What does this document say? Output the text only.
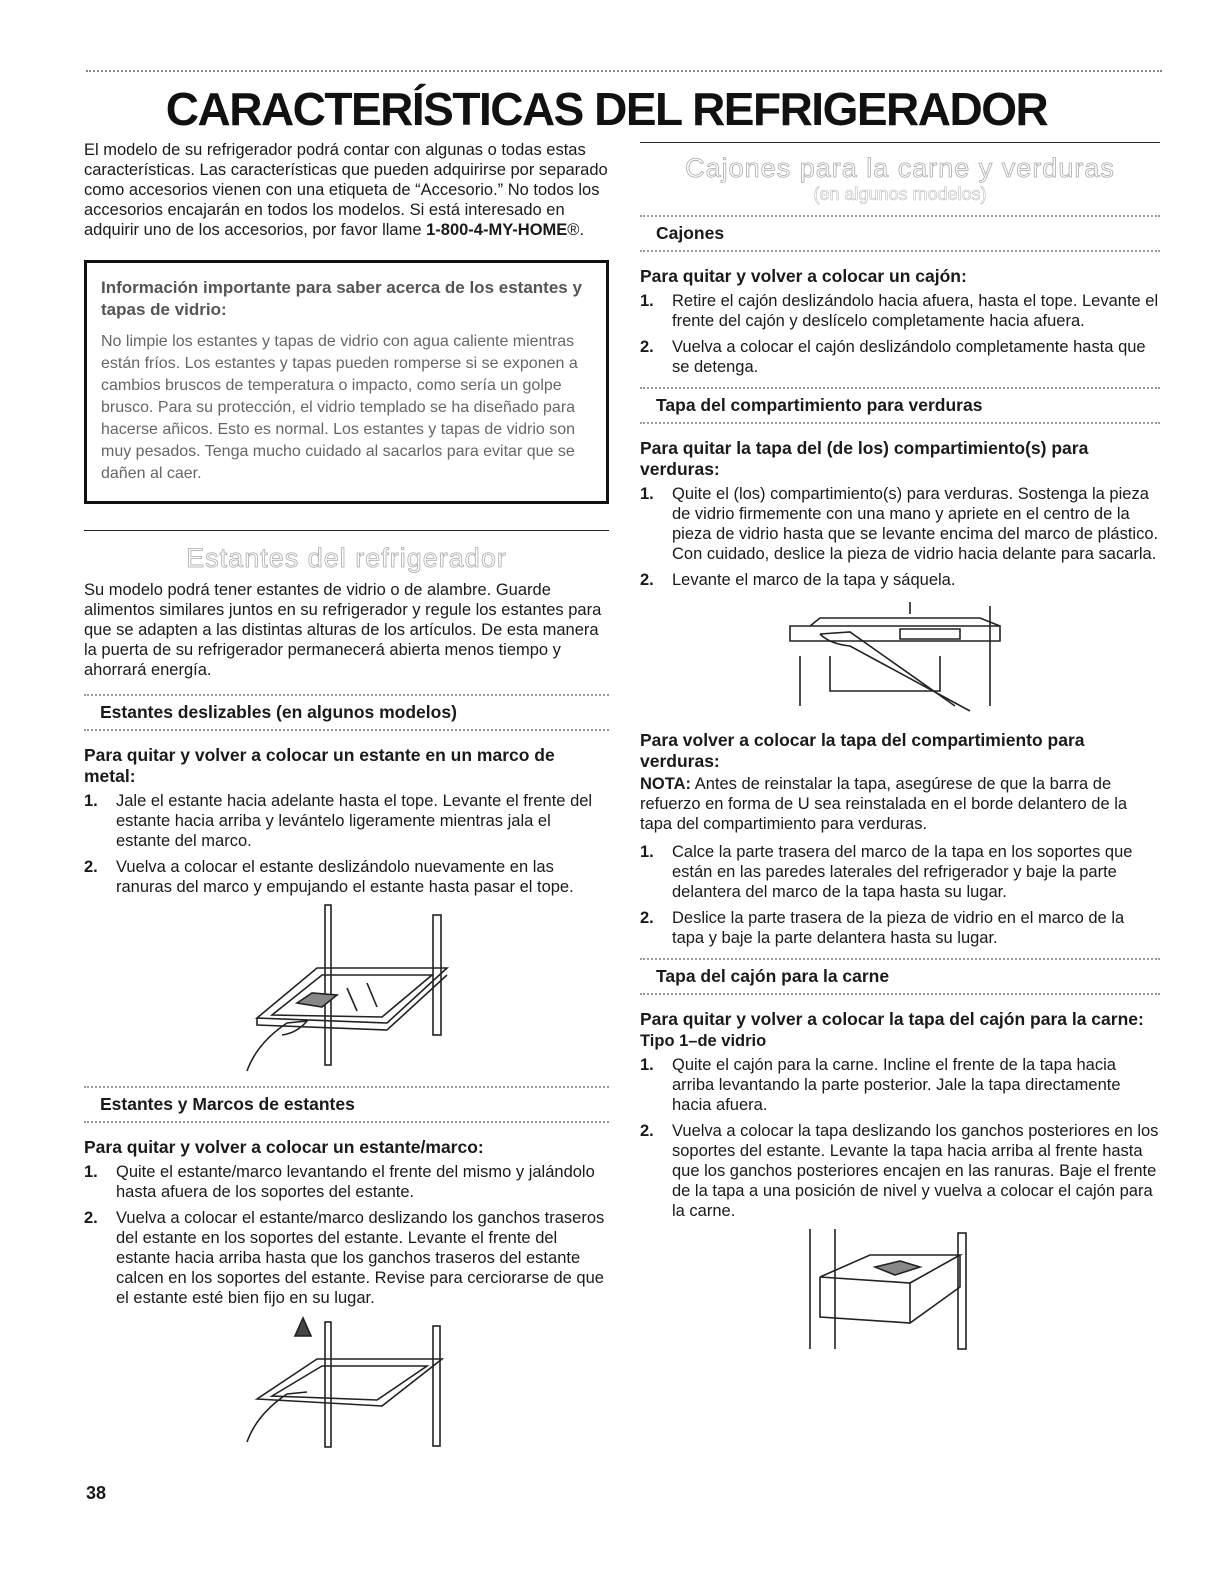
CARACTERÍSTICAS DEL REFRIGERADOR

El modelo de su refrigerador podrá contar con algunas o todas estas características. Las características que pueden adquirirse por separado como accesorios vienen con una etiqueta de “Accesorio.” No todos los accesorios encajarán en todos los modelos. Si está interesado en adquirir uno de los accesorios, por favor llame 1-800-4-MY-HOME®.

Información importante para saber acerca de los estantes y tapas de vidrio:
No limpie los estantes y tapas de vidrio con agua caliente mientras están fríos. Los estantes y tapas pueden romperse si se exponen a cambios bruscos de temperatura o impacto, como sería un golpe brusco. Para su protección, el vidrio templado se ha diseñado para hacerse añicos. Esto es normal. Los estantes y tapas de vidrio son muy pesados. Tenga mucho cuidado al sacarlos para evitar que se dañen al caer.
Estantes del refrigerador

Su modelo podrá tener estantes de vidrio o de alambre. Guarde alimentos similares juntos en su refrigerador y regule los estantes para que se adapten a las distintas alturas de los artículos. De esta manera la puerta de su refrigerador permanecerá abierta menos tiempo y ahorrará energía.

Estantes deslizables (en algunos modelos)
Para quitar y volver a colocar un estante en un marco de metal:
1. Jale el estante hacia adelante hasta el tope. Levante el frente del estante hacia arriba y levántelo ligeramente mientras jala el estante del marco.
2. Vuelva a colocar el estante deslizándolo nuevamente en las ranuras del marco y empujando el estante hasta pasar el tope.
Estantes y Marcos de estantes
Para quitar y volver a colocar un estante/marco:
1. Quite el estante/marco levantando el frente del mismo y jalándolo hasta afuera de los soportes del estante.
2. Vuelva a colocar el estante/marco deslizando los ganchos traseros del estante en los soportes del estante. Levante el frente del estante hacia arriba hasta que los ganchos traseros del estante calcen en los soportes del estante. Revise para cerciorarse de que el estante esté bien fijo en su lugar.
Cajones para la carne y verduras
(en algunos modelos)
Cajones
Para quitar y volver a colocar un cajón:
1. Retire el cajón deslizándolo hacia afuera, hasta el tope. Levante el frente del cajón y deslícelo completamente hacia afuera.
2. Vuelva a colocar el cajón deslizándolo completamente hasta que se detenga.
Tapa del compartimiento para verduras
Para quitar la tapa del (de los) compartimiento(s) para verduras:
1. Quite el (los) compartimiento(s) para verduras. Sostenga la pieza de vidrio firmemente con una mano y apriete en el centro de la pieza de vidrio hasta que se levante encima del marco de plástico. Con cuidado, deslice la pieza de vidrio hacia delante para sacarla.
2. Levante el marco de la tapa y sáquela.
Para volver a colocar la tapa del compartimiento para verduras:

NOTA: Antes de reinstalar la tapa, asegúrese de que la barra de refuerzo en forma de U sea reinstalada en el borde delantero de la tapa del compartimiento para verduras.

1. Calce la parte trasera del marco de la tapa en los soportes que están en las paredes laterales del refrigerador y baje la parte delantera del marco de la tapa hasta su lugar.
2. Deslice la parte trasera de la pieza de vidrio en el marco de la tapa y baje la parte delantera hasta su lugar.
Tapa del cajón para la carne
Para quitar y volver a colocar la tapa del cajón para la carne:
Tipo 1–de vidrio
1. Quite el cajón para la carne. Incline el frente de la tapa hacia arriba levantando la parte posterior. Jale la tapa directamente hacia afuera.
2. Vuelva a colocar la tapa deslizando los ganchos posteriores en los soportes del estante. Levante la tapa hacia arriba al frente hasta que los ganchos posteriores encajen en las ranuras. Baje el frente de la tapa a una posición de nivel y vuelva a colocar el cajón para la carne.
38
